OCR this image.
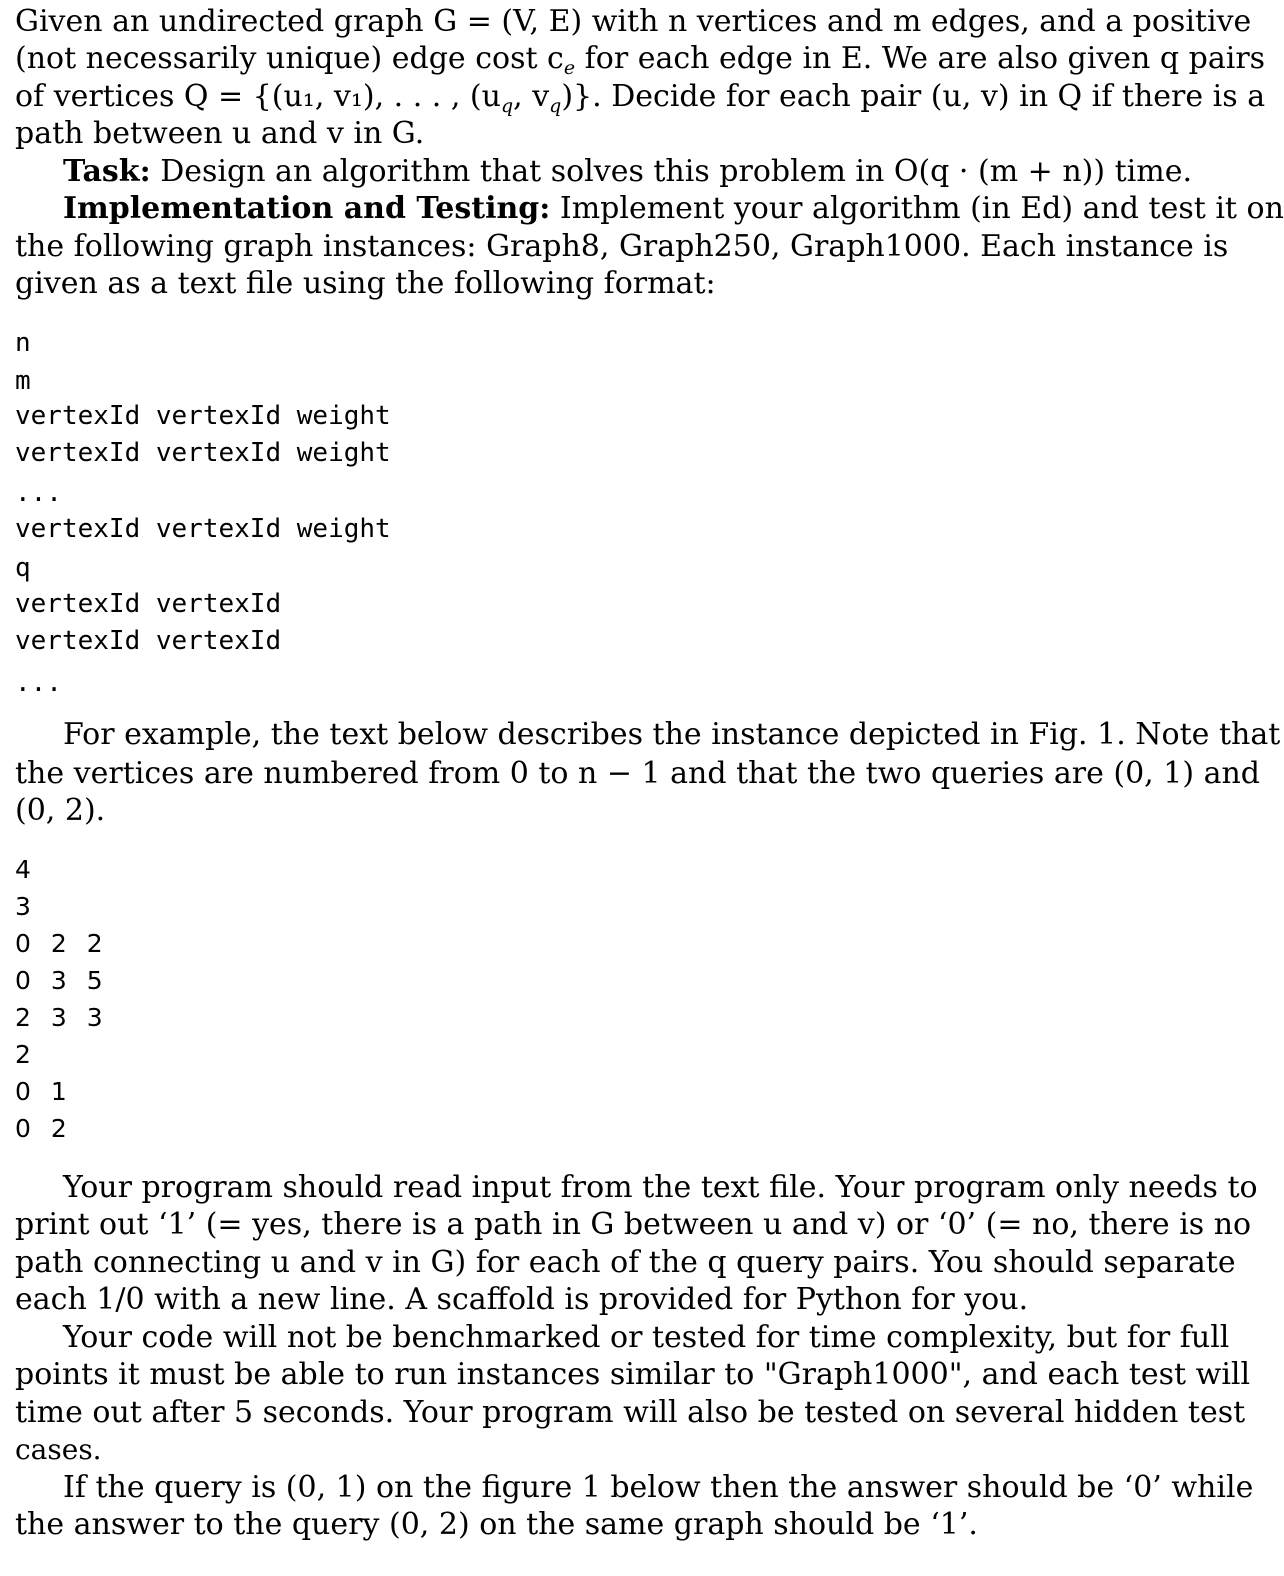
Given an undirected graph G = (V, E) with n vertices and m edges, and a positive
(not necessarily unique) edge cost $c_e$ for each edge in E. We are also given q pairs
of vertices Q = {(u₁, v₁), . . . , ($u_q$, $v_q$)}. Decide for each pair (u, v) in Q if there is a
path between u and v in G.
Task: Design an algorithm that solves this problem in O(q · (m + n)) time.
Implementation and Testing: Implement your algorithm (in Ed) and test it on
the following graph instances: Graph8, Graph250, Graph1000. Each instance is
given as a text file using the following format:
n
m
vertexId vertexId weight
vertexId vertexId weight
...
vertexId vertexId weight
q
vertexId vertexId
vertexId vertexId
...
For example, the text below describes the instance depicted in Fig. 1. Note that
the vertices are numbered from 0 to n − 1 and that the two queries are (0, 1) and
(0, 2).
4
3
0 2 2
0 3 5
2 3 3
2
0 1
0 2
Your program should read input from the text file. Your program only needs to
print out ‘1’ (= yes, there is a path in G between u and v) or ‘0’ (= no, there is no
path connecting u and v in G) for each of the q query pairs. You should separate
each 1/0 with a new line. A scaffold is provided for Python for you.
Your code will not be benchmarked or tested for time complexity, but for full
points it must be able to run instances similar to "Graph1000", and each test will
time out after 5 seconds. Your program will also be tested on several hidden test
cases.
If the query is (0, 1) on the figure 1 below then the answer should be ‘0’ while
the answer to the query (0, 2) on the same graph should be ‘1’.
